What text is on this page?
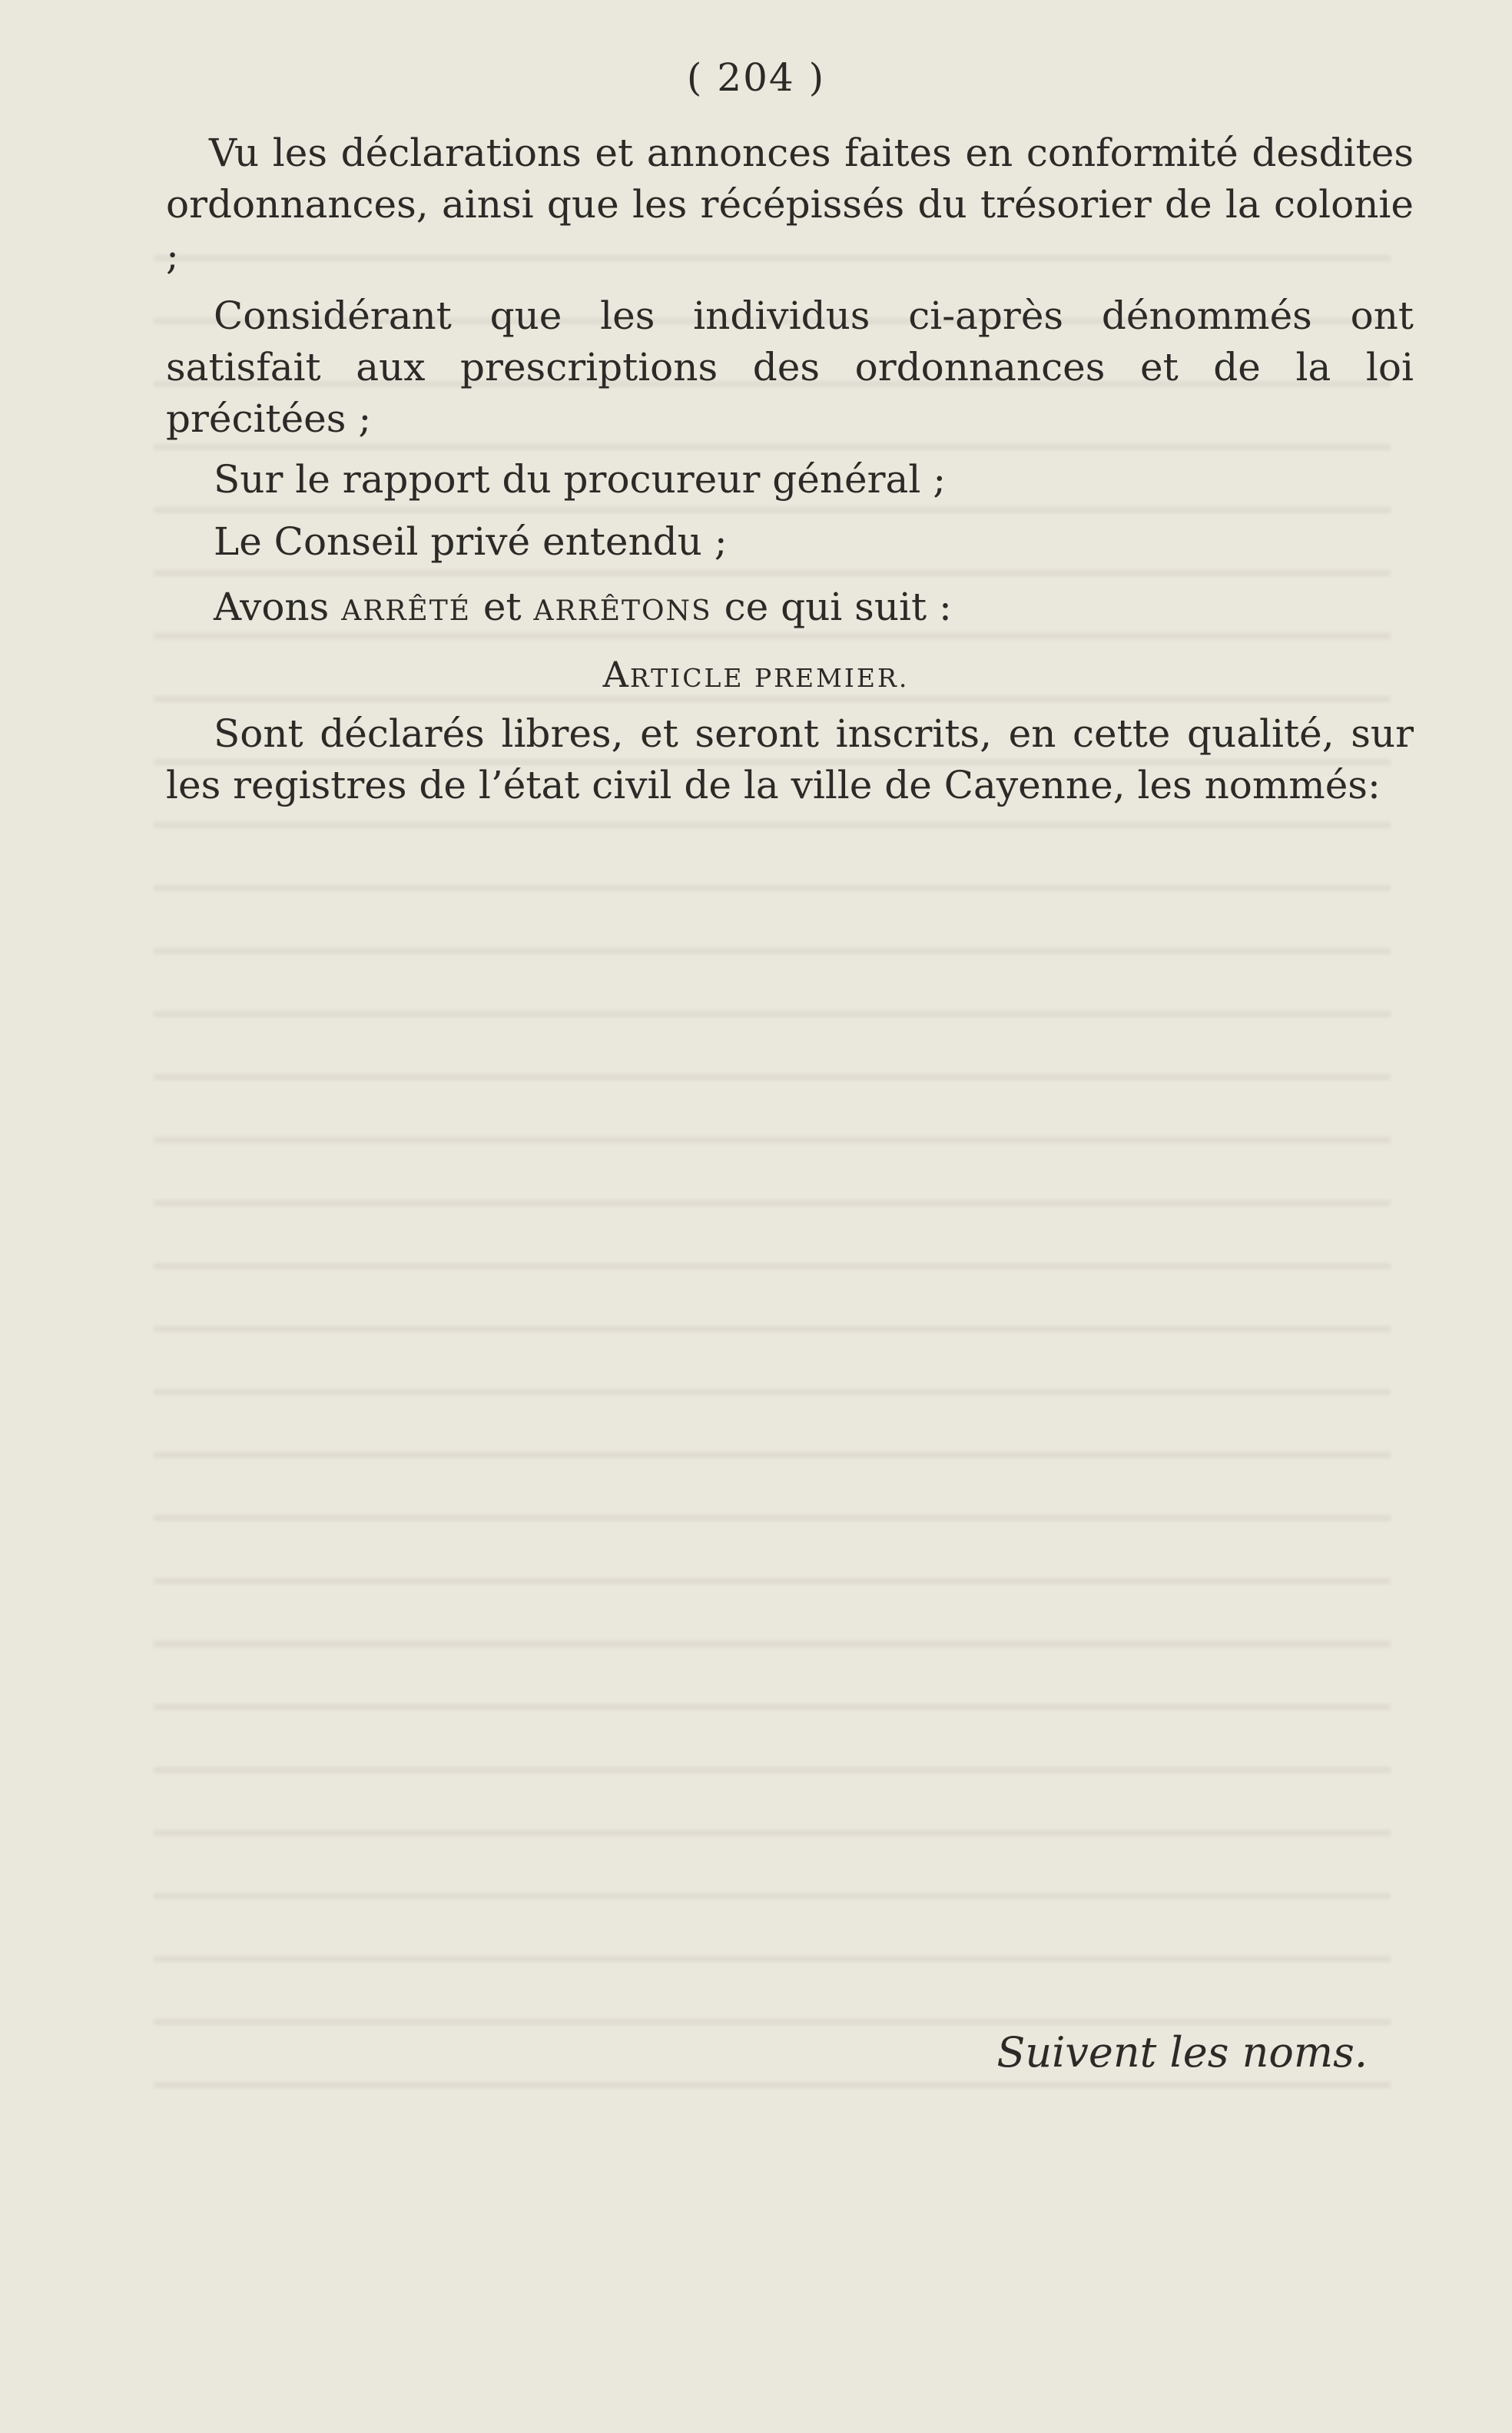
( 204 )
Vu les déclarations et annonces faites en conformité desdites ordonnances, ainsi que les récépissés du trésorier de la colonie ;
Considérant que les individus ci-après dénommés ont satisfait aux prescriptions des ordonnances et de la loi précitées ;
Sur le rapport du procureur général ;
Le Conseil privé entendu ;
Avons ARRÊTÉ et ARRÊTONS ce qui suit :
ARTICLE PREMIER.
Sont déclarés libres, et seront inscrits, en cette qualité, sur les registres de l’état civil de la ville de Cayenne, les nommés:
Suivent les noms.
